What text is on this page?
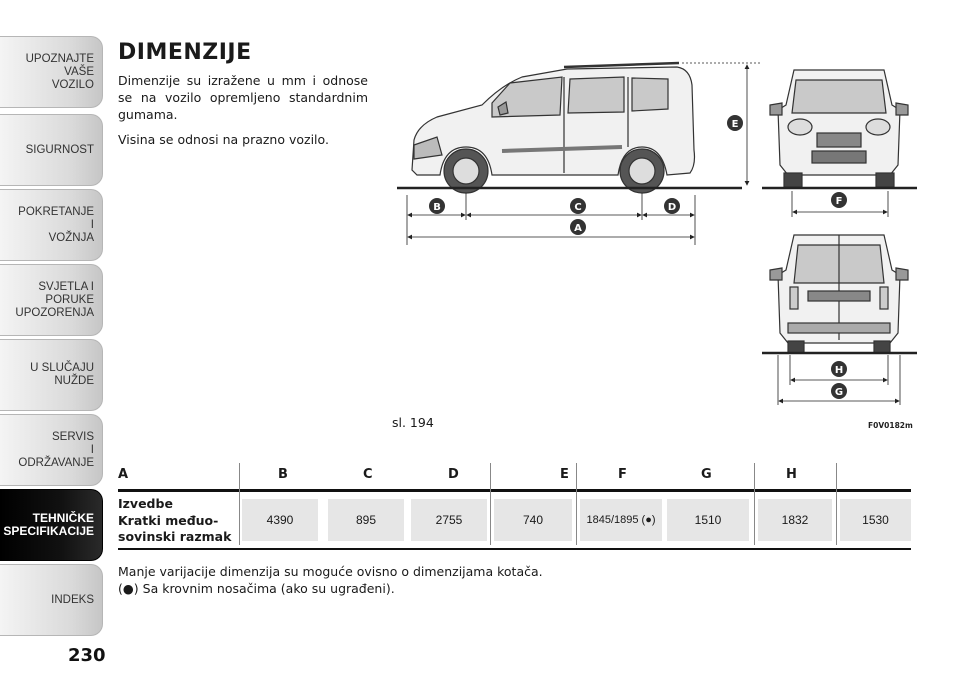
UPOZNAJTE
VAŠE
VOZILO
SIGURNOST
POKRETANJE
I
VOŽNJA
SVJETLA I
PORUKE
UPOZORENJA
U SLUČAJU
NUŽDE
SERVIS
I
ODRŽAVANJE
TEHNIČKE
SPECIFIKACIJE
INDEKS
230
DIMENZIJE

Dimenzije su izražene u mm i odnose se na vozilo opremljeno standardnim gumama.

Visina se odnosi na prazno vozilo.

E
B	C	D
A
F
H
G
sl. 194	F0V0182m
A	B	C	D	E	F	G	H
Izvedbe
Kratki međuo-
sovinski razmak
4390	895	2755	740	1845/1895 (●)	1510	1832	1530

Manje varijacije dimenzija su moguće ovisno o dimenzijama kotača.

(●) Sa krovnim nosačima (ako su ugrađeni).
